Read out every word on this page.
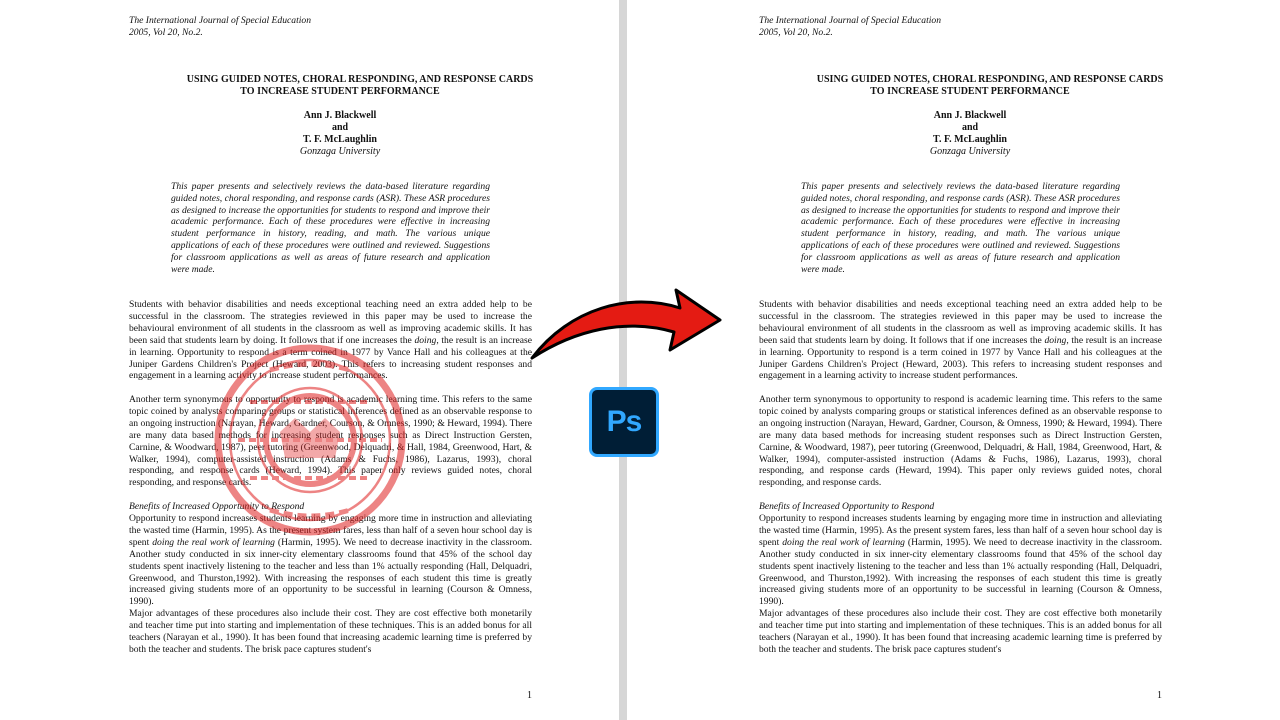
The International Journal of Special Education
2005, Vol 20, No.2.
USING GUIDED NOTES, CHORAL RESPONDING, AND RESPONSE CARDS
TO INCREASE STUDENT PERFORMANCE
Ann J. Blackwell
and
T. F. McLaughlin
Gonzaga University
This paper presents and selectively reviews the data-based literature regarding guided notes, choral responding, and response cards (ASR). These ASR procedures as designed to increase the opportunities for students to respond and improve their academic performance. Each of these procedures were effective in increasing student performance in history, reading, and math. The various unique applications of each of these procedures were outlined and reviewed. Suggestions for classroom applications as well as areas of future research and application were made.
Students with behavior disabilities and needs exceptional teaching need an extra added help to be successful in the classroom. The strategies reviewed in this paper may be used to increase the behavioural environment of all students in the classroom as well as improving academic skills. It has been said that students learn by doing. It follows that if one increases the doing, the result is an increase in learning. Opportunity to respond is a term coined in 1977 by Vance Hall and his colleagues at the Juniper Gardens Children's Project (Heward, 2003). This refers to increasing student responses and engagement in a learning activity to increase student performances.
Another term synonymous to opportunity to respond is academic learning time. This refers to the same topic coined by analysts comparing groups or statistical inferences defined as an observable response to an ongoing instruction (Narayan, Heward, Gardner, Courson, & Omness, 1990; & Heward, 1994). There are many data based methods for increasing student responses such as Direct Instruction Gersten, Carnine, & Woodward, 1987), peer tutoring (Greenwood, Delquadri, & Hall, 1984, Greenwood, Hart, & Walker, 1994), computer-assisted instruction (Adams & Fuchs, 1986), Lazarus, 1993), choral responding, and response cards (Heward, 1994). This paper only reviews guided notes, choral responding, and response cards.
Benefits of Increased Opportunity to Respond
Opportunity to respond increases students learning by engaging more time in instruction and alleviating the wasted time (Harmin, 1995). As the present system fares, less than half of a seven hour school day is spent doing the real work of learning (Harmin, 1995). We need to decrease inactivity in the classroom. Another study conducted in six inner-city elementary classrooms found that 45% of the school day students spent inactively listening to the teacher and less than 1% actually responding (Hall, Delquadri, Greenwood, and Thurston,1992). With increasing the responses of each student this time is greatly increased giving students more of an opportunity to be successful in learning (Courson & Omness, 1990).
Major advantages of these procedures also include their cost. They are cost effective both monetarily and teacher time put into starting and implementation of these techniques. This is an added bonus for all teachers (Narayan et al., 1990). It has been found that increasing academic learning time is preferred by both the teacher and students. The brisk pace captures student's
1
The International Journal of Special Education
2005, Vol 20, No.2.
USING GUIDED NOTES, CHORAL RESPONDING, AND RESPONSE CARDS
TO INCREASE STUDENT PERFORMANCE
Ann J. Blackwell
and
T. F. McLaughlin
Gonzaga University
This paper presents and selectively reviews the data-based literature regarding guided notes, choral responding, and response cards (ASR). These ASR procedures as designed to increase the opportunities for students to respond and improve their academic performance. Each of these procedures were effective in increasing student performance in history, reading, and math. The various unique applications of each of these procedures were outlined and reviewed. Suggestions for classroom applications as well as areas of future research and application were made.
Students with behavior disabilities and needs exceptional teaching need an extra added help to be successful in the classroom. The strategies reviewed in this paper may be used to increase the behavioural environment of all students in the classroom as well as improving academic skills. It has been said that students learn by doing. It follows that if one increases the doing, the result is an increase in learning. Opportunity to respond is a term coined in 1977 by Vance Hall and his colleagues at the Juniper Gardens Children's Project (Heward, 2003). This refers to increasing student responses and engagement in a learning activity to increase student performances.
Another term synonymous to opportunity to respond is academic learning time. This refers to the same topic coined by analysts comparing groups or statistical inferences defined as an observable response to an ongoing instruction (Narayan, Heward, Gardner, Courson, & Omness, 1990; & Heward, 1994). There are many data based methods for increasing student responses such as Direct Instruction Gersten, Carnine, & Woodward, 1987), peer tutoring (Greenwood, Delquadri, & Hall, 1984, Greenwood, Hart, & Walker, 1994), computer-assisted instruction (Adams & Fuchs, 1986), Lazarus, 1993), choral responding, and response cards (Heward, 1994). This paper only reviews guided notes, choral responding, and response cards.
Benefits of Increased Opportunity to Respond
Opportunity to respond increases students learning by engaging more time in instruction and alleviating the wasted time (Harmin, 1995). As the present system fares, less than half of a seven hour school day is spent doing the real work of learning (Harmin, 1995). We need to decrease inactivity in the classroom. Another study conducted in six inner-city elementary classrooms found that 45% of the school day students spent inactively listening to the teacher and less than 1% actually responding (Hall, Delquadri, Greenwood, and Thurston,1992). With increasing the responses of each student this time is greatly increased giving students more of an opportunity to be successful in learning (Courson & Omness, 1990).
Major advantages of these procedures also include their cost. They are cost effective both monetarily and teacher time put into starting and implementation of these techniques. This is an added bonus for all teachers (Narayan et al., 1990). It has been found that increasing academic learning time is preferred by both the teacher and students. The brisk pace captures student's
1
Ps
